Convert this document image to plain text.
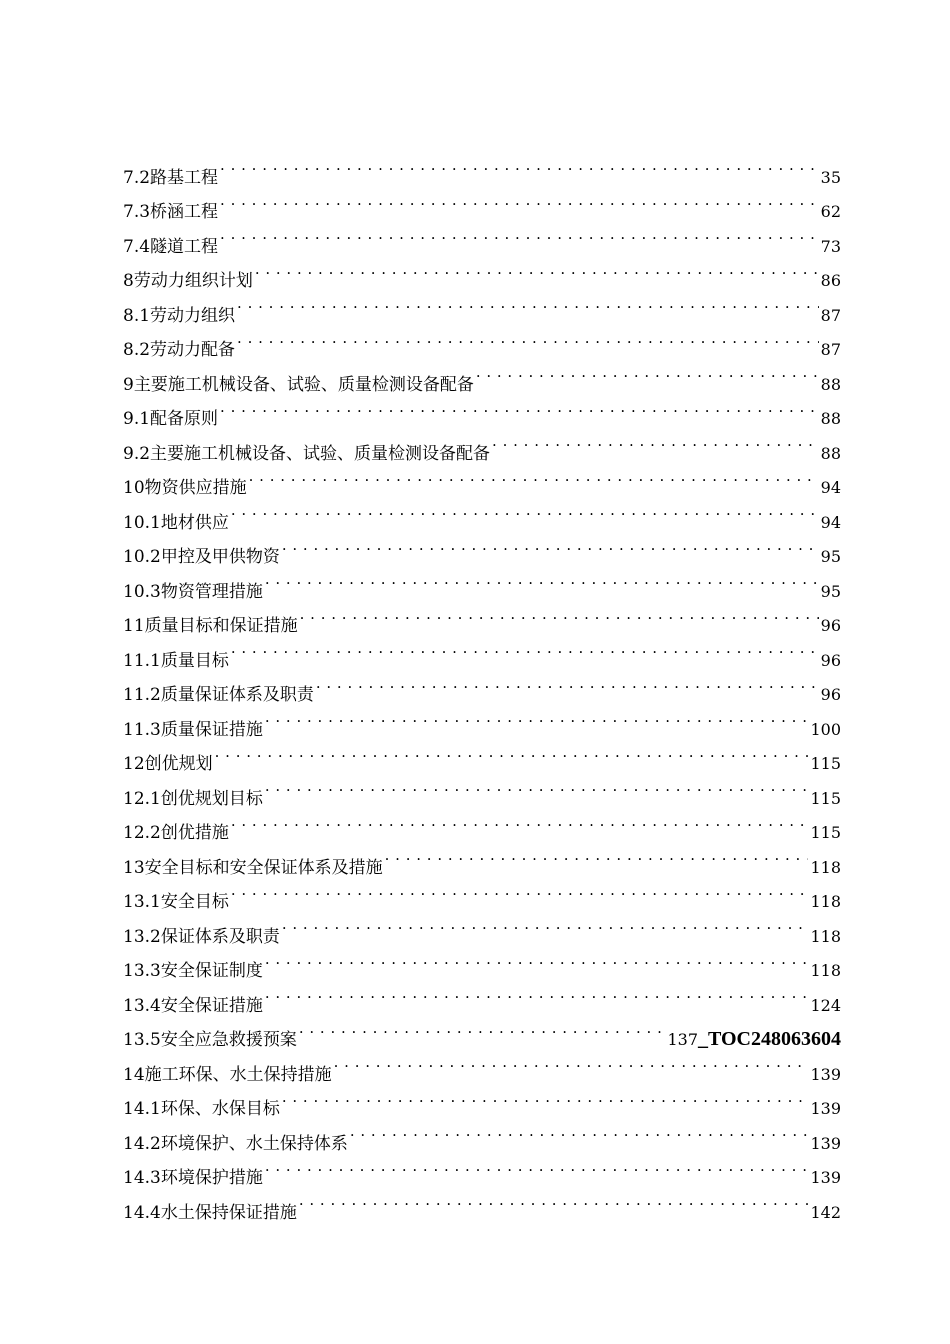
7.2路基工程 . . .	35
7.3桥涵工程 . . .	62
7.4隧道工程 . . .	73
8劳动力组织计划 . . .	86
8.1劳动力组织 . . .	87
8.2劳动力配备 . . .	87
9主要施工机械设备、试验、质量检测设备配备 . . .	88
9.1配备原则 . . .	88
9.2主要施工机械设备、试验、质量检测设备配备 . . .	88
10物资供应措施 . . .	94
10.1地材供应 . . .	94
10.2甲控及甲供物资 . . .	95
10.3物资管理措施 . . .	95
11质量目标和保证措施 . . .	96
11.1质量目标 . . .	96
11.2质量保证体系及职责 . . .	96
11.3质量保证措施 . . .	100
12创优规划 . . .	115
12.1创优规划目标 . . .	115
12.2创优措施 . . .	115
13安全目标和安全保证体系及措施 . . .	118
13.1安全目标 . . .	118
13.2保证体系及职责 . . .	118
13.3安全保证制度 . . .	118
13.4安全保证措施 . . .	124
13.5安全应急救援预案 . . .	137 _TOC248063604
14施工环保、水土保持措施 . . .	139
14.1环保、水保目标 . . .	139
14.2环境保护、水土保持体系 . . .	139
14.3环境保护措施 . . .	139
14.4水土保持保证措施 . . .	142
